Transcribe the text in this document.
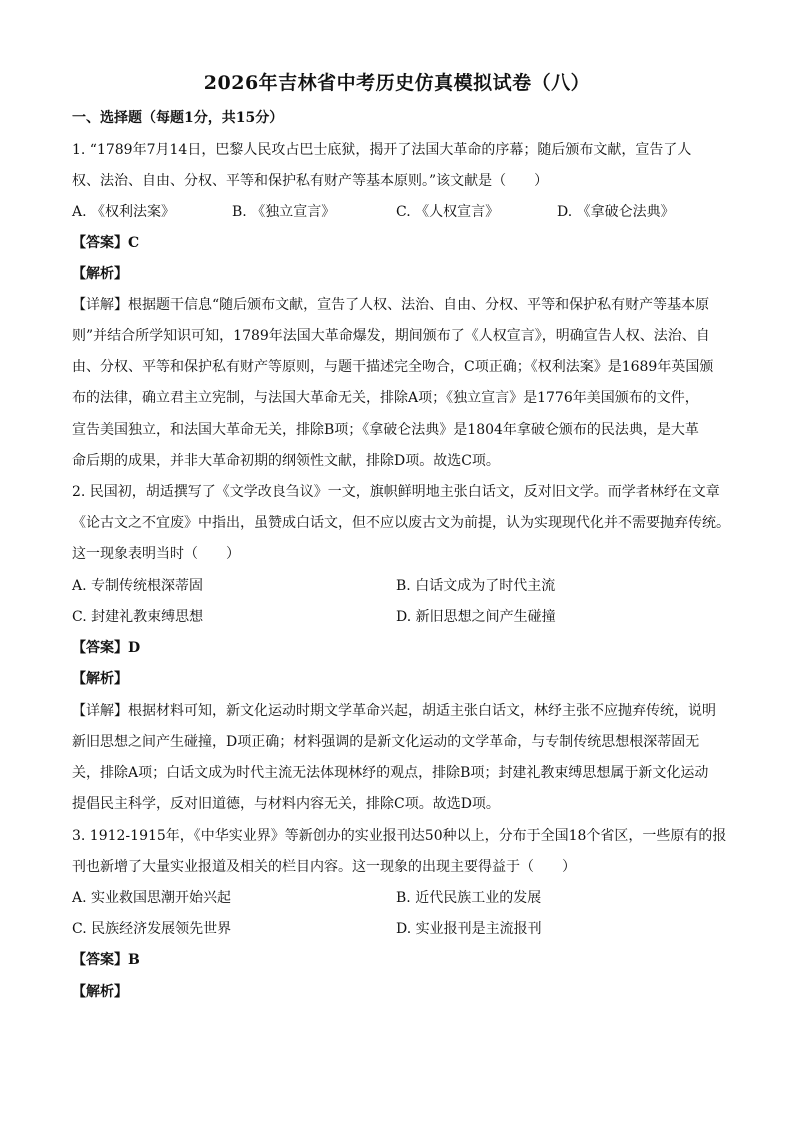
2026年吉林省中考历史仿真模拟试卷（八）
一、选择题（每题1分，共15分）
1. “1789年7月14日，巴黎人民攻占巴士底狱，揭开了法国大革命的序幕；随后颁布文献，宣告了人
权、法治、自由、分权、平等和保护私有财产等基本原则。”该文献是（　　）
A. 《权利法案》	B. 《独立宣言》	C. 《人权宣言》	D. 《拿破仑法典》
【答案】C
【解析】
【详解】根据题干信息“随后颁布文献，宣告了人权、法治、自由、分权、平等和保护私有财产等基本原
则”并结合所学知识可知，1789年法国大革命爆发，期间颁布了《人权宣言》，明确宣告人权、法治、自
由、分权、平等和保护私有财产等原则，与题干描述完全吻合，C项正确；《权利法案》是1689年英国颁
布的法律，确立君主立宪制，与法国大革命无关，排除A项；《独立宣言》是1776年美国颁布的文件，
宣告美国独立，和法国大革命无关，排除B项；《拿破仑法典》是1804年拿破仑颁布的民法典，是大革
命后期的成果，并非大革命初期的纲领性文献，排除D项。故选C项。
2. 民国初，胡适撰写了《文学改良刍议》一文，旗帜鲜明地主张白话文，反对旧文学。而学者林纾在文章
《论古文之不宜废》中指出，虽赞成白话文，但不应以废古文为前提，认为实现现代化并不需要抛弃传统。
这一现象表明当时（　　）
A. 专制传统根深蒂固	B. 白话文成为了时代主流
C. 封建礼教束缚思想	D. 新旧思想之间产生碰撞
【答案】D
【解析】
【详解】根据材料可知，新文化运动时期文学革命兴起，胡适主张白话文，林纾主张不应抛弃传统，说明
新旧思想之间产生碰撞，D项正确；材料强调的是新文化运动的文学革命，与专制传统思想根深蒂固无
关，排除A项；白话文成为时代主流无法体现林纾的观点，排除B项；封建礼教束缚思想属于新文化运动
提倡民主科学，反对旧道德，与材料内容无关，排除C项。故选D项。
3. 1912-1915年，《中华实业界》等新创办的实业报刊达50种以上，分布于全国18个省区，一些原有的报
刊也新增了大量实业报道及相关的栏目内容。这一现象的出现主要得益于（　　）
A. 实业救国思潮开始兴起	B. 近代民族工业的发展
C. 民族经济发展领先世界	D. 实业报刊是主流报刊
【答案】B
【解析】
